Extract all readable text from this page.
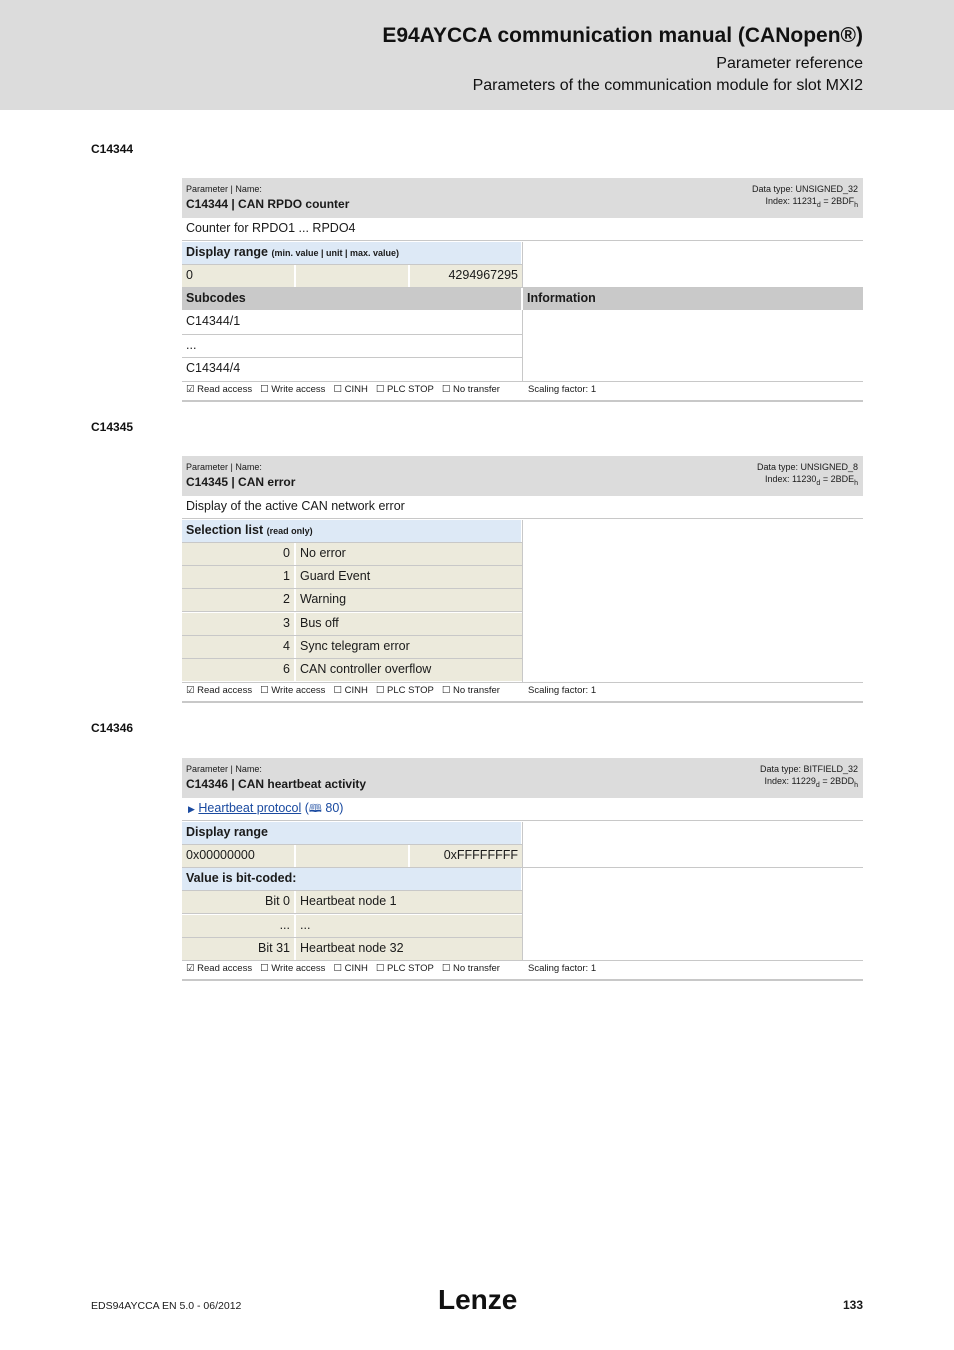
E94AYCCA communication manual (CANopen®)
Parameter reference
Parameters of the communication module for slot MXI2
C14344
Parameter | Name:
C14344 | CAN RPDO counter
Data type: UNSIGNED_32
Index: $11231_d = 2BDF_h$
Counter for RPDO1 ... RPDO4
Display range (min. value | unit | max. value)
0	4294967295
Subcodes	Information
C14344/1
...
C14344/4
☑ Read access ☐ Write access ☐ CINH ☐ PLC STOP ☐ No transfer	Scaling factor: 1
C14345
Parameter | Name:
C14345 | CAN error
Data type: UNSIGNED_8
Index: $11230_d = 2BDE_h$
Display of the active CAN network error
Selection list (read only)
0 No error
1 Guard Event
2 Warning
3 Bus off
4 Sync telegram error
6 CAN controller overflow
☑ Read access ☐ Write access ☐ CINH ☐ PLC STOP ☐ No transfer	Scaling factor: 1
C14346
Parameter | Name:
C14346 | CAN heartbeat activity
Data type: BITFIELD_32
Index: $11229_d = 2BDD_h$
▶ Heartbeat protocol (🕮 80)
Display range
0x00000000	0xFFFFFFFF
Value is bit-coded:
Bit 0 Heartbeat node 1
... ...
Bit 31 Heartbeat node 32
☑ Read access ☐ Write access ☐ CINH ☐ PLC STOP ☐ No transfer	Scaling factor: 1
EDS94AYCCA EN 5.0 - 06/2012	Lenze	133
